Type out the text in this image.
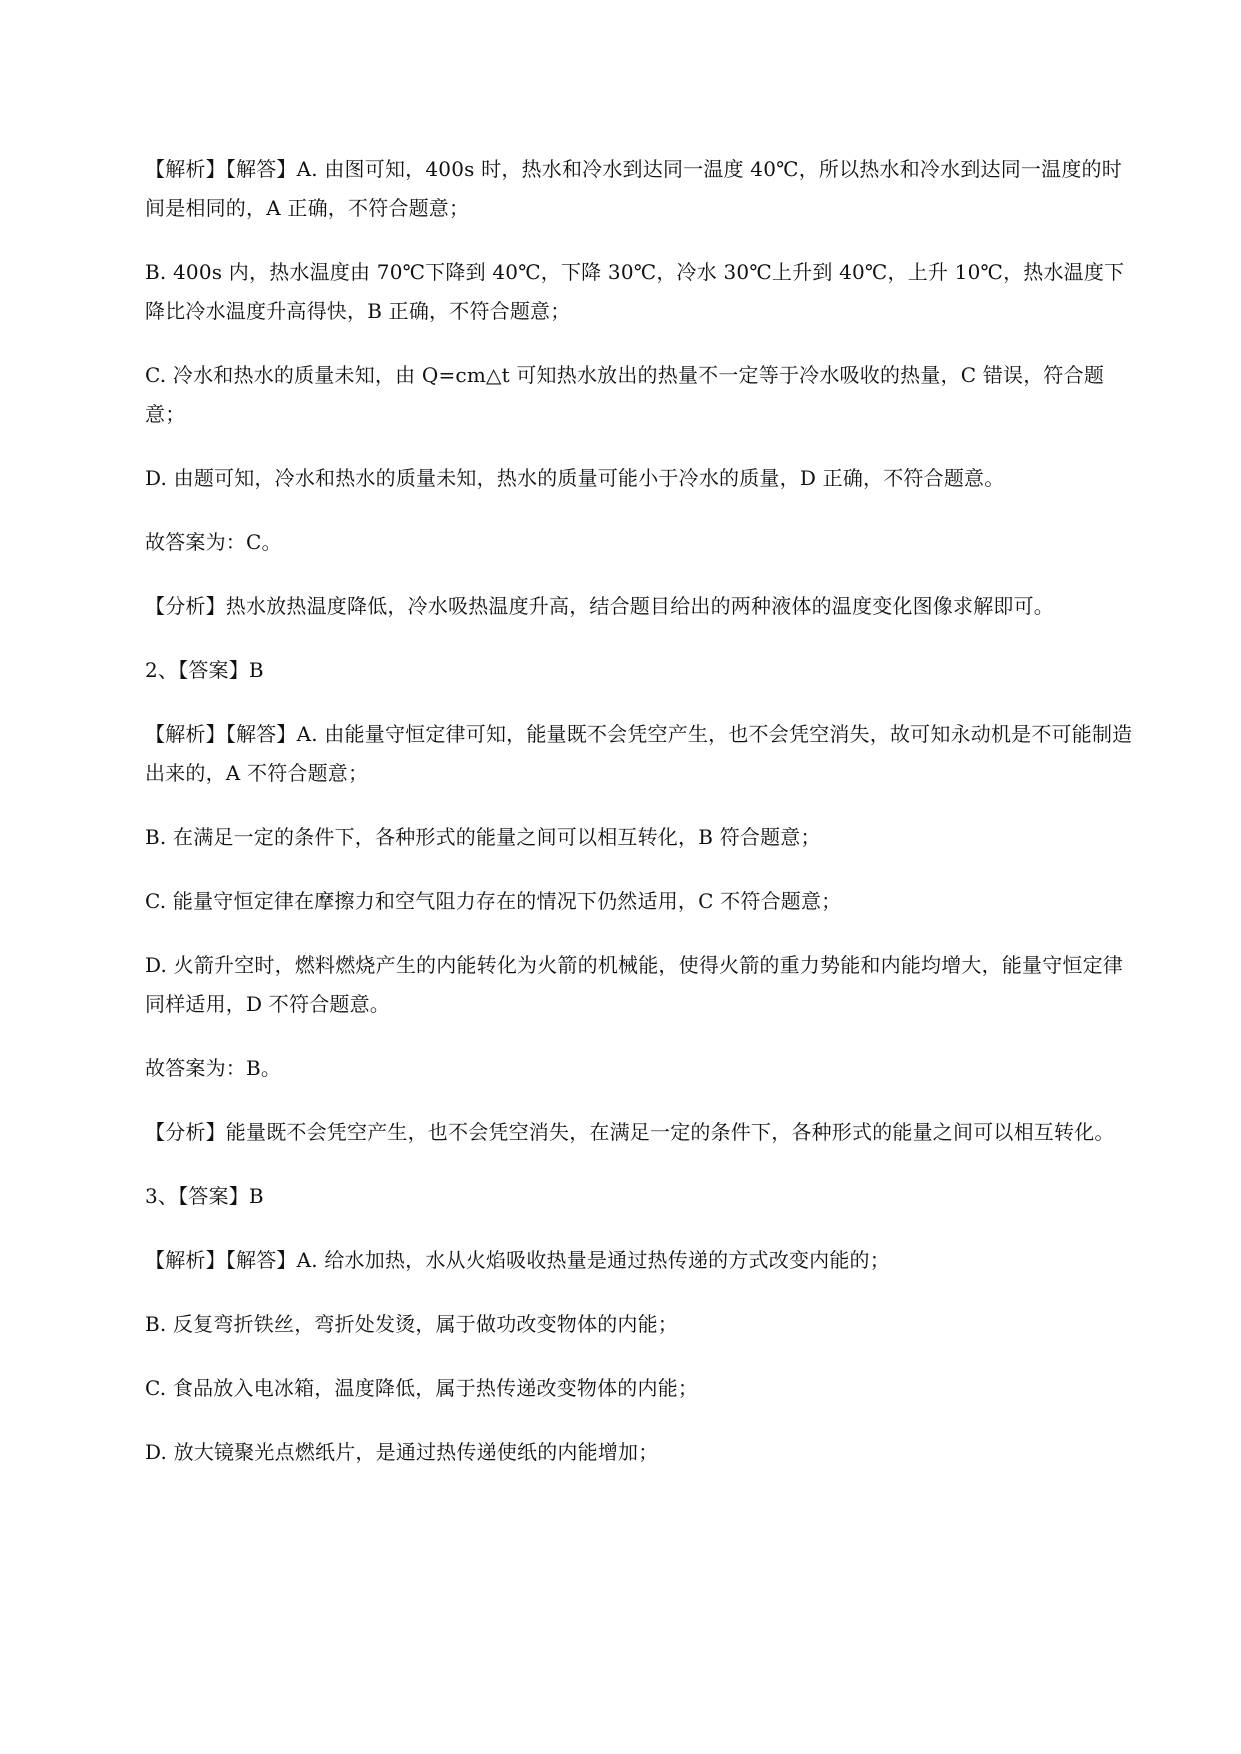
【解析】【解答】A. 由图可知，400s 时，热水和冷水到达同一温度 40℃，所以热水和冷水到达同一温度的时间是相同的，A 正确，不符合题意；

B. 400s 内，热水温度由 70℃下降到 40℃，下降 30℃，冷水 30℃上升到 40℃，上升 10℃，热水温度下降比冷水温度升高得快，B 正确，不符合题意；

C. 冷水和热水的质量未知，由 Q=cm△t 可知热水放出的热量不一定等于冷水吸收的热量，C 错误，符合题意；

D. 由题可知，冷水和热水的质量未知，热水的质量可能小于冷水的质量，D 正确，不符合题意。

故答案为：C。

【分析】热水放热温度降低，冷水吸热温度升高，结合题目给出的两种液体的温度变化图像求解即可。

2、【答案】B

【解析】【解答】A. 由能量守恒定律可知，能量既不会凭空产生，也不会凭空消失，故可知永动机是不可能制造出来的，A 不符合题意；

B. 在满足一定的条件下，各种形式的能量之间可以相互转化，B 符合题意；

C. 能量守恒定律在摩擦力和空气阻力存在的情况下仍然适用，C 不符合题意；

D. 火箭升空时，燃料燃烧产生的内能转化为火箭的机械能，使得火箭的重力势能和内能均增大，能量守恒定律同样适用，D 不符合题意。

故答案为：B。

【分析】能量既不会凭空产生，也不会凭空消失，在满足一定的条件下，各种形式的能量之间可以相互转化。

3、【答案】B

【解析】【解答】A. 给水加热，水从火焰吸收热量是通过热传递的方式改变内能的；

B. 反复弯折铁丝，弯折处发烫，属于做功改变物体的内能；

C. 食品放入电冰箱，温度降低，属于热传递改变物体的内能；

D. 放大镜聚光点燃纸片，是通过热传递使纸的内能增加；
